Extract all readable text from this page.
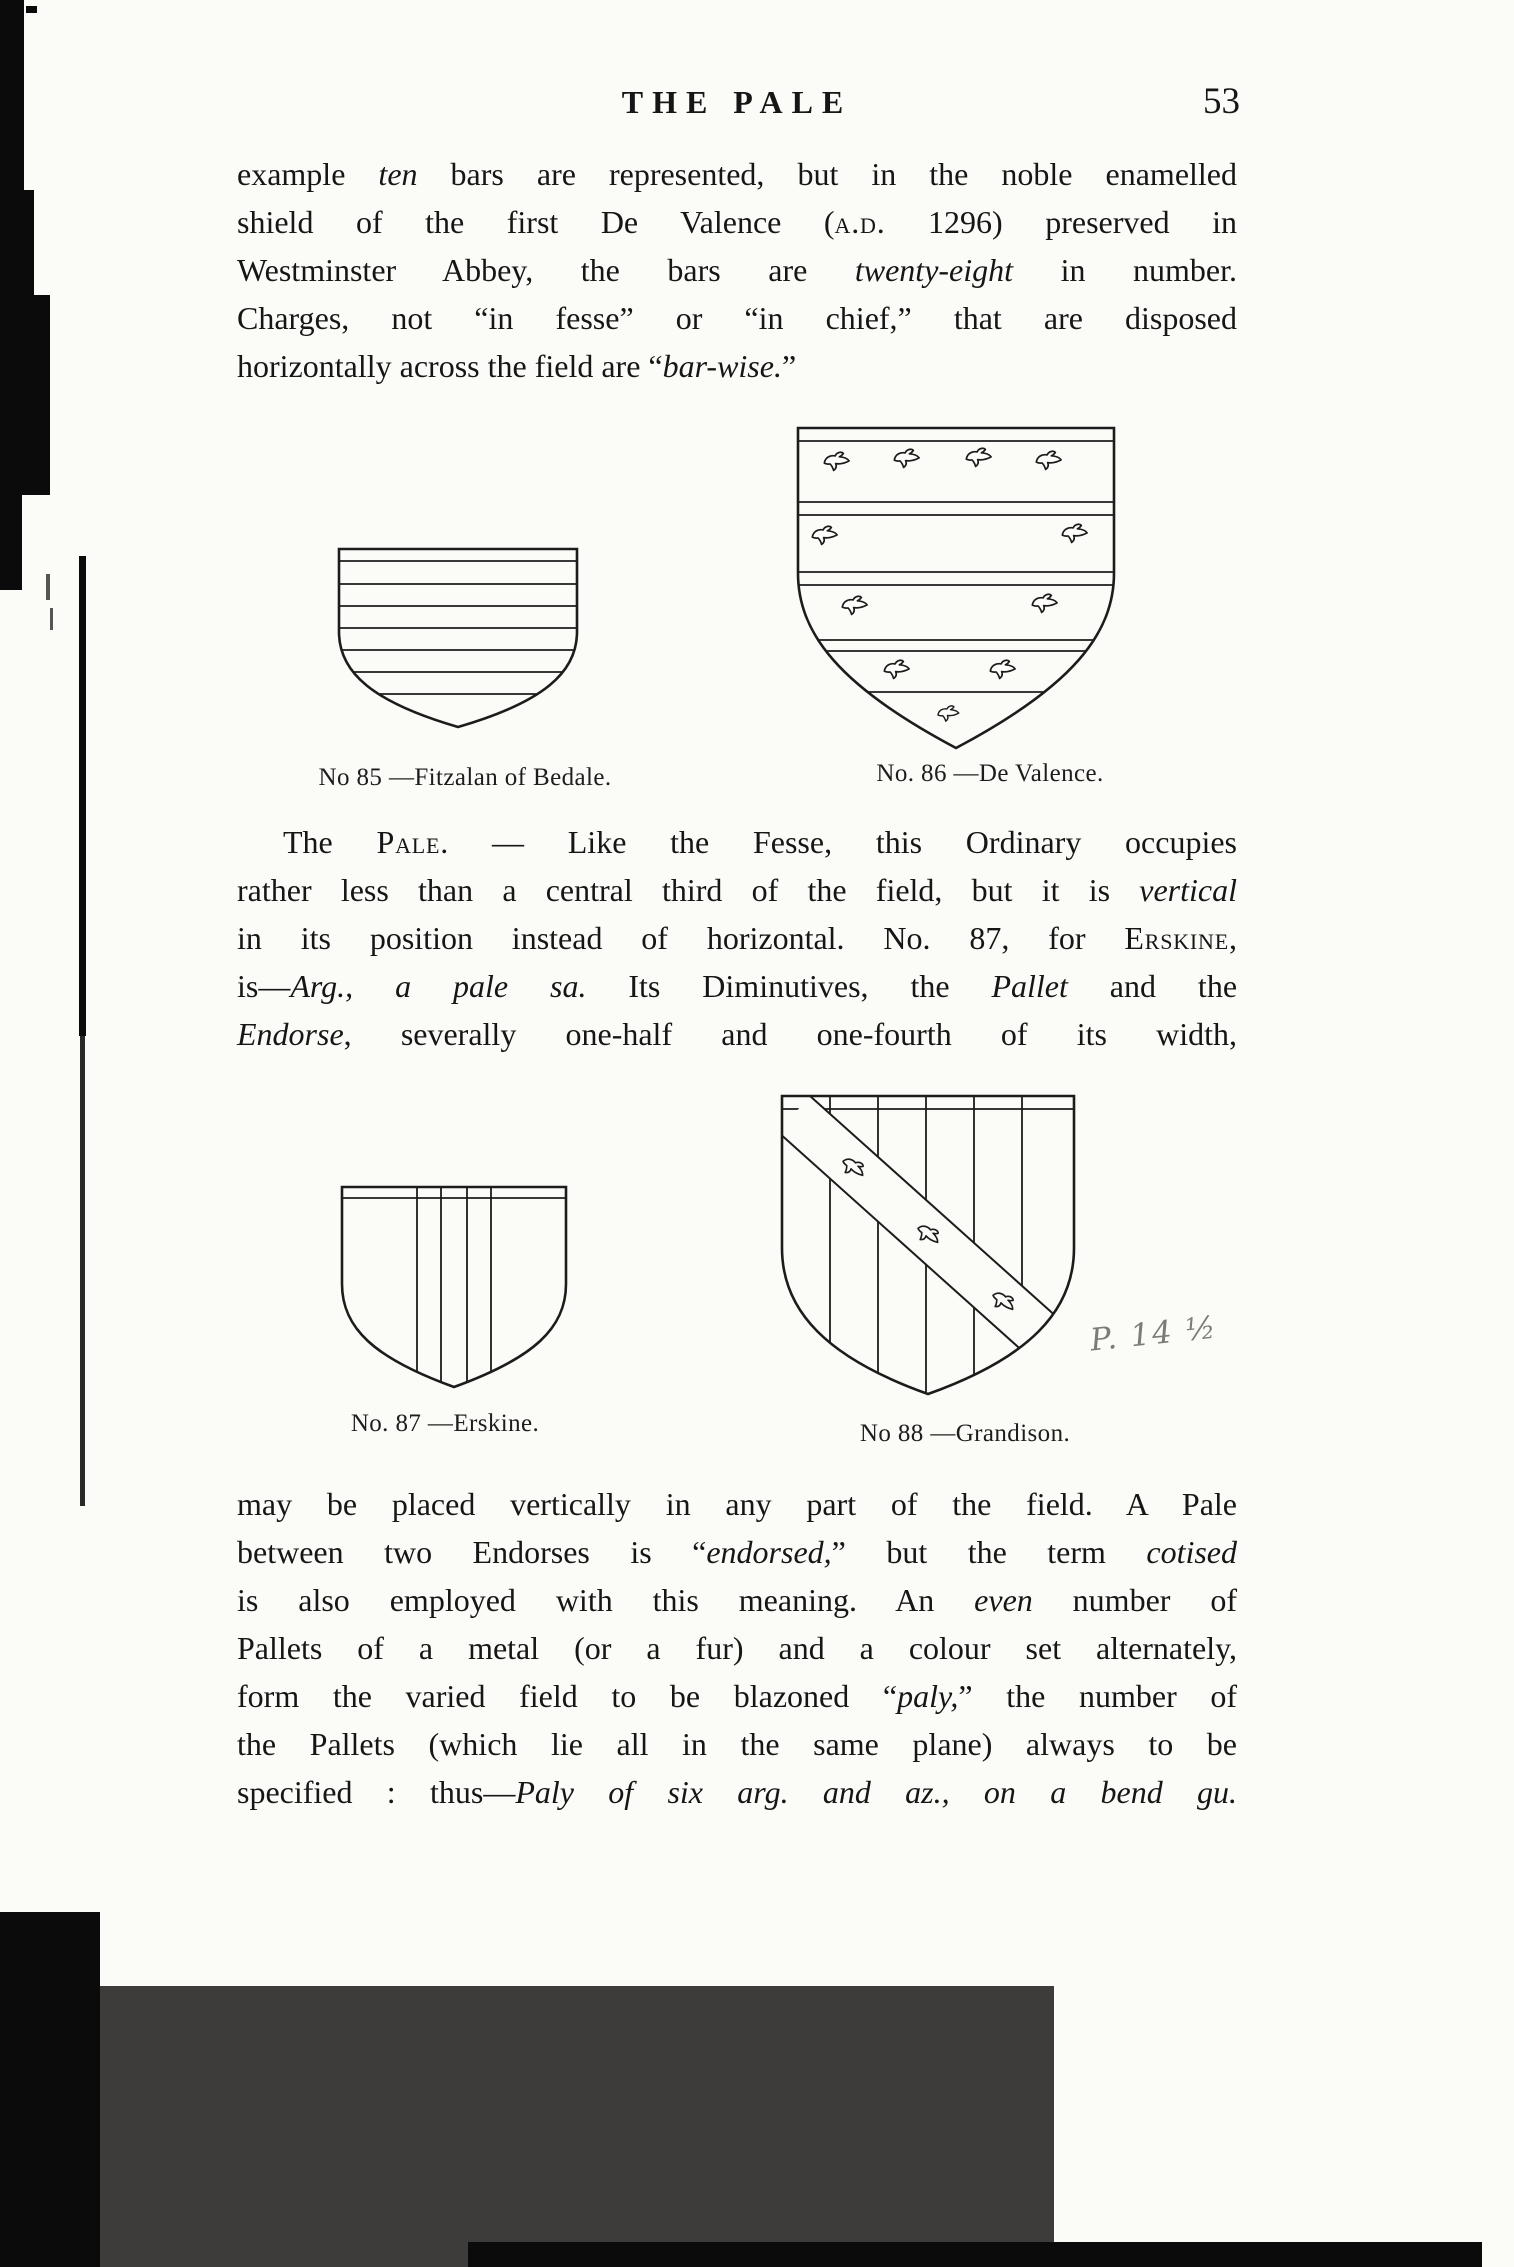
THE PALE	53
example ten bars are represented, but in the noble enamelled
shield of the first De Valence (a.d. 1296) preserved in
Westminster Abbey, the bars are twenty-eight in number.
Charges, not “in fesse” or “in chief,” that are disposed
horizontally across the field are “bar-wise.”
No 85 —Fitzalan of Bedale.	No. 86 —De Valence.
The Pale. — Like the Fesse, this Ordinary occupies
rather less than a central third of the field, but it is vertical
in its position instead of horizontal. No. 87, for Erskine,
is—Arg., a pale sa. Its Diminutives, the Pallet and the
Endorse, severally one-half and one-fourth of its width,
No. 87 —Erskine.	No 88 —Grandison.
P. 14 ½
may be placed vertically in any part of the field. A Pale
between two Endorses is “endorsed,” but the term cotised
is also employed with this meaning. An even number of
Pallets of a metal (or a fur) and a colour set alternately,
form the varied field to be blazoned “paly,” the number of
the Pallets (which lie all in the same plane) always to be
specified : thus—Paly of six arg. and az., on a bend gu.
